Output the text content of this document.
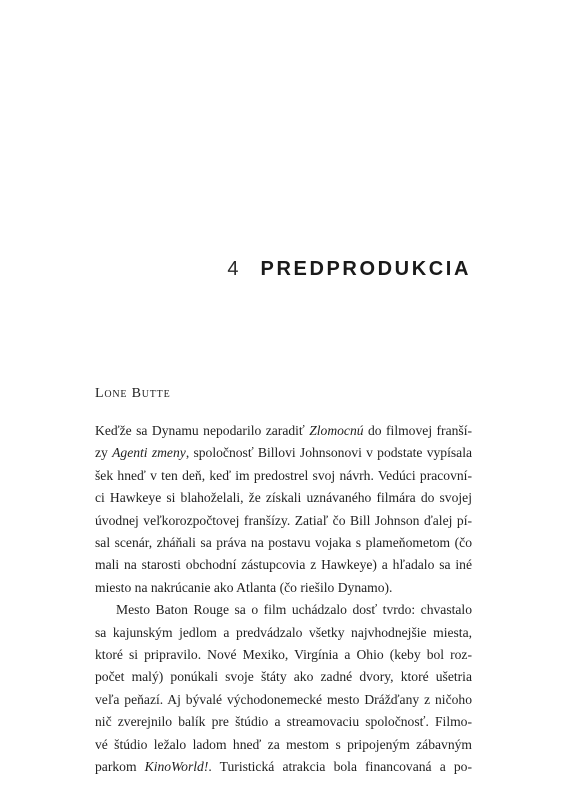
4 PREDPRODUKCIA
Lone Butte
Keďže sa Dynamu nepodarilo zaradiť Zlomocnú do filmovej franší-
zy Agenti zmeny, spoločnosť Billovi Johnsonovi v podstate vypísala
šek hneď v ten deň, keď im predostrel svoj návrh. Vedúci pracovní-
ci Hawkeye si blahoželali, že získali uznávaného filmára do svojej
úvodnej veľkorozpočtovej franšízy. Zatiaľ čo Bill Johnson ďalej pí-
sal scenár, zháňali sa práva na postavu vojaka s plameňometom (čo
mali na starosti obchodní zástupcovia z Hawkeye) a hľadalo sa iné
miesto na nakrúcanie ako Atlanta (čo riešilo Dynamo).
Mesto Baton Rouge sa o film uchádzalo dosť tvrdo: chvastalo
sa kajunským jedlom a predvádzalo všetky najvhodnejšie miesta,
ktoré si pripravilo. Nové Mexiko, Virgínia a Ohio (keby bol roz-
počet malý) ponúkali svoje štáty ako zadné dvory, ktoré ušetria
veľa peňazí. Aj bývalé východonemecké mesto Drážďany z ničoho
nič zverejnilo balík pre štúdio a streamovaciu spoločnosť. Filmo-
vé štúdio ležalo ladom hneď za mestom s pripojeným zábavným
parkom KinoWorld!. Turistická atrakcia bola financovaná a po-
